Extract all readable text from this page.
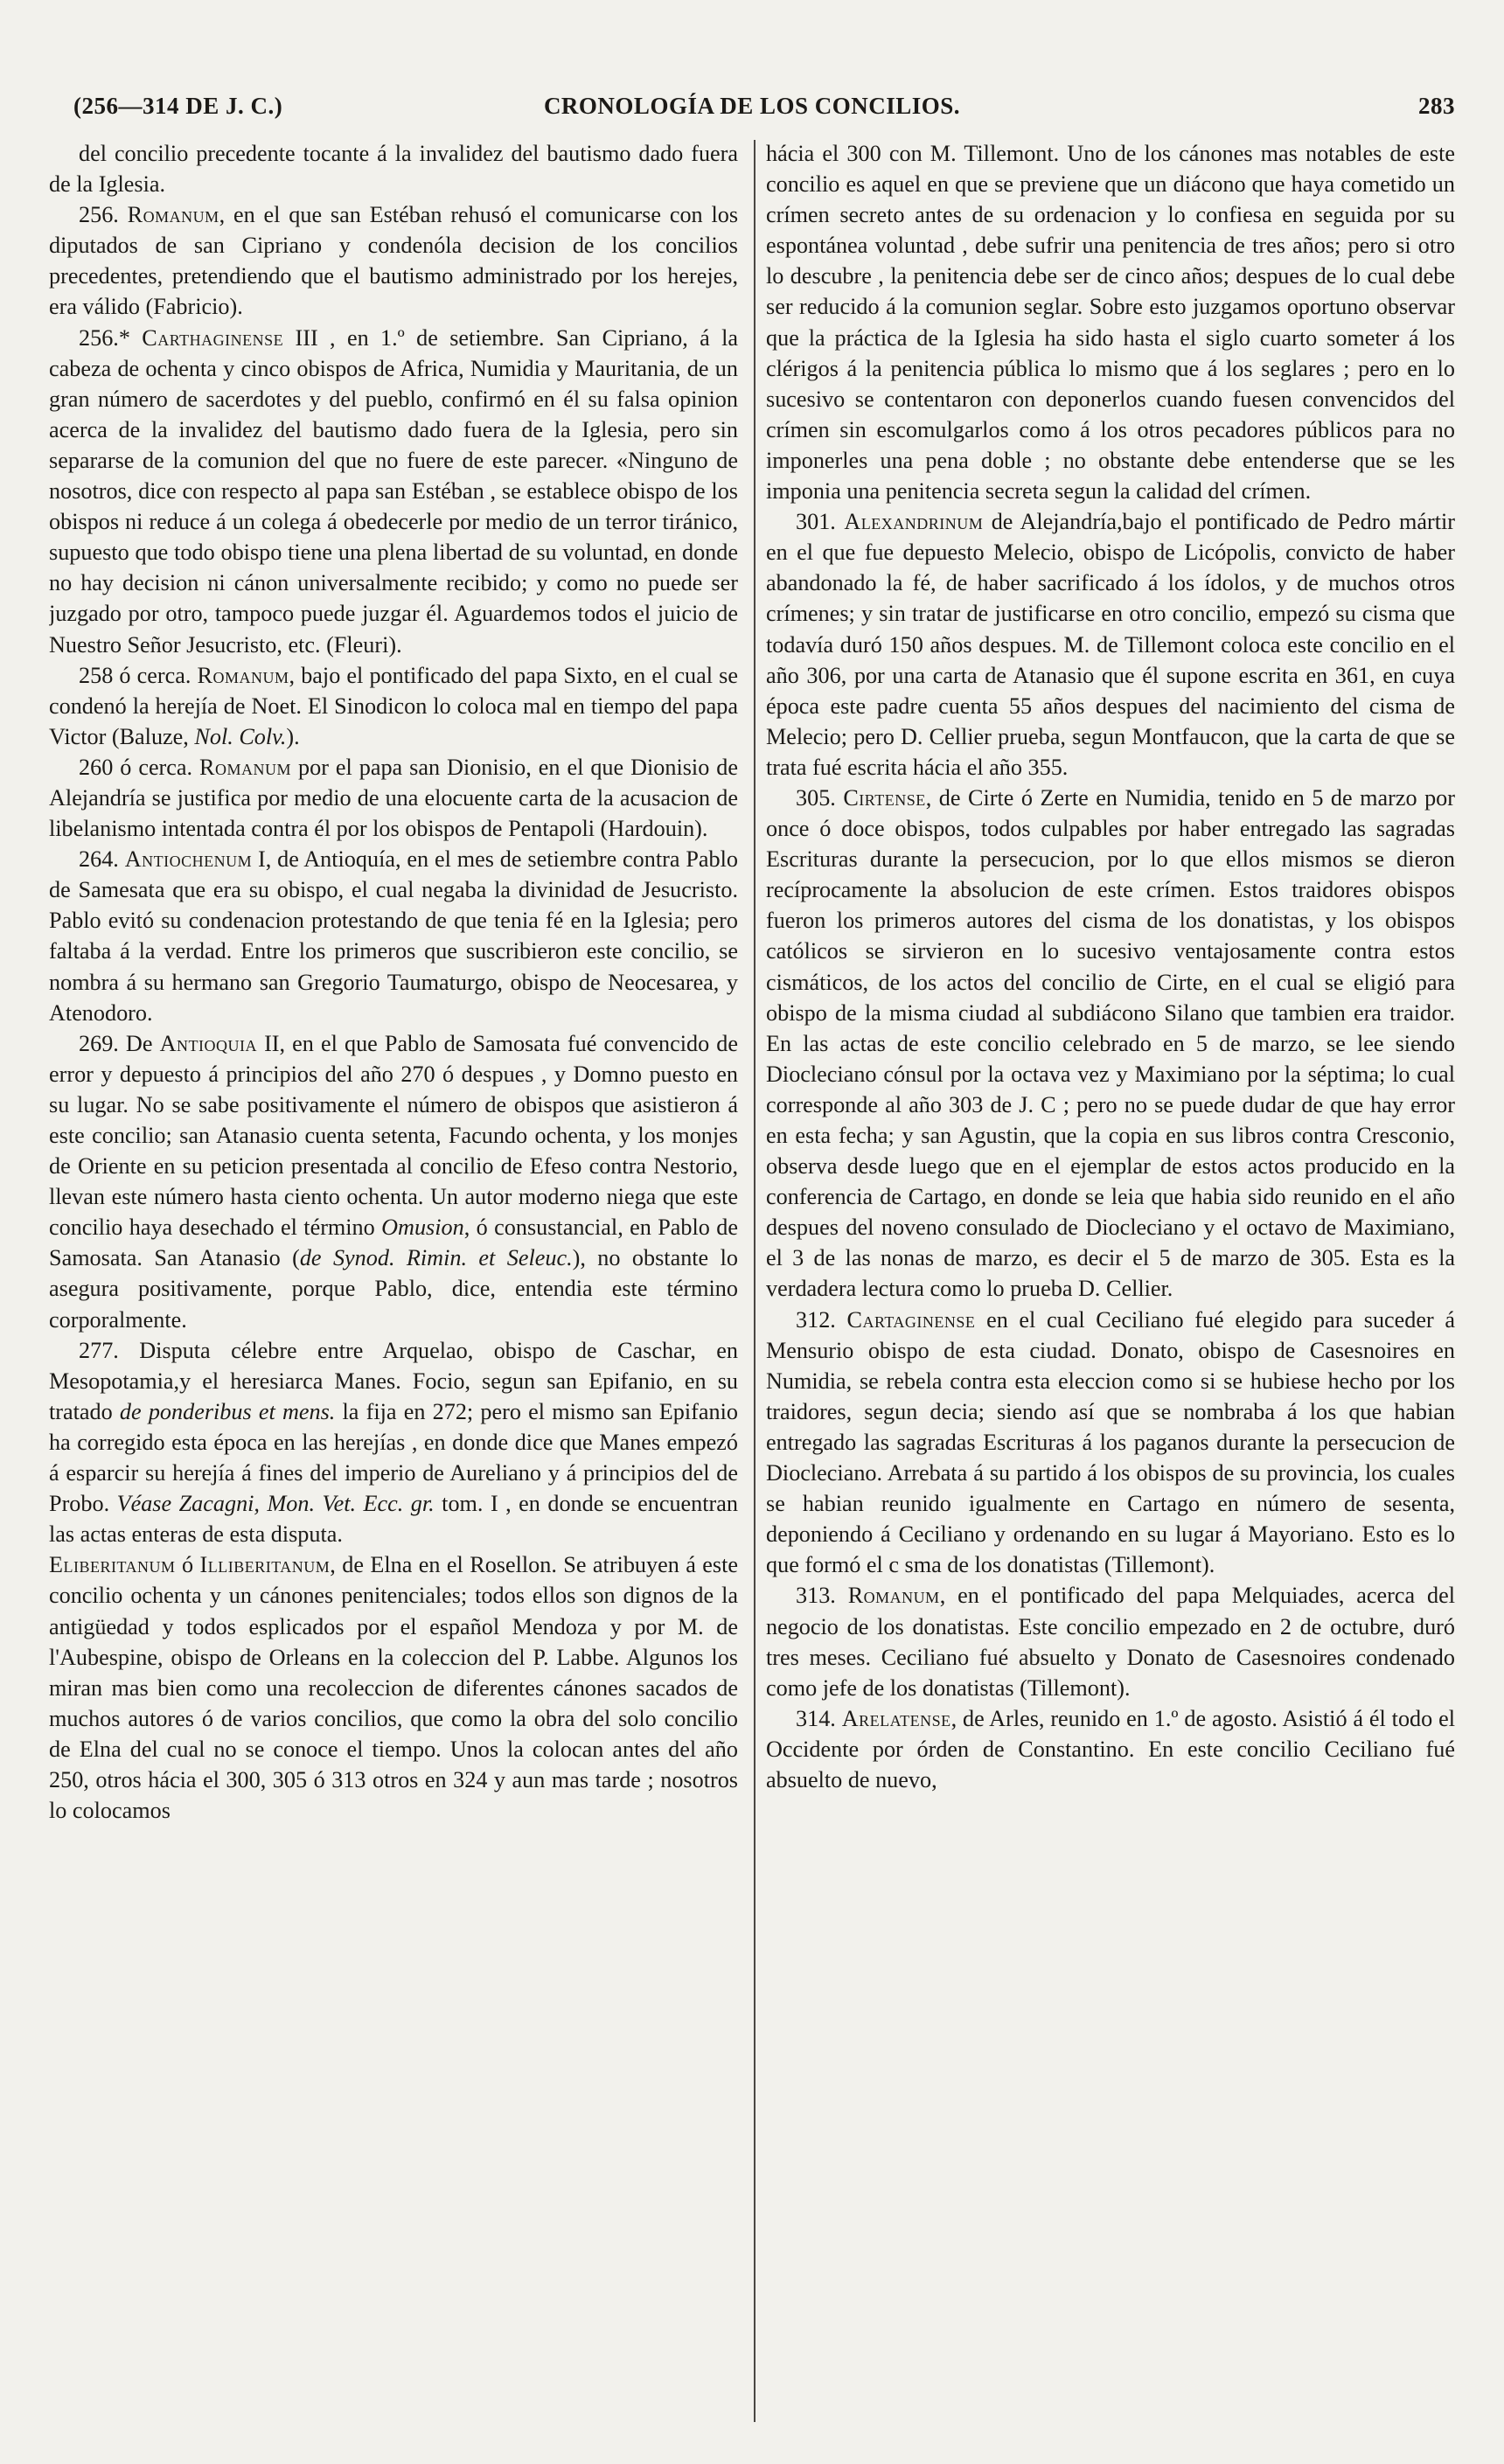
(256—314 DE J. C.)	CRONOLOGÍA DE LOS CONCILIOS.	283

del concilio precedente tocante á la invalidez del bautismo dado fuera de la Iglesia.

256. Romanum, en el que san Estéban rehusó el comunicarse con los diputados de san Cipriano y condenóla decision de los concilios precedentes, pretendiendo que el bautismo administrado por los herejes, era válido (Fabricio).

256.* Carthaginense III , en 1.º de setiembre. San Cipriano, á la cabeza de ochenta y cinco obispos de Africa, Numidia y Mauritania, de un gran número de sacerdotes y del pueblo, confirmó en él su falsa opinion acerca de la invalidez del bautismo dado fuera de la Iglesia, pero sin separarse de la comunion del que no fuere de este parecer. «Ninguno de nosotros, dice con respecto al papa san Estéban , se establece obispo de los obispos ni reduce á un colega á obedecerle por medio de un terror tiránico, supuesto que todo obispo tiene una plena libertad de su voluntad, en donde no hay decision ni cánon universalmente recibido; y como no puede ser juzgado por otro, tampoco puede juzgar él. Aguardemos todos el juicio de Nuestro Señor Jesucristo, etc. (Fleuri).

258 ó cerca. Romanum, bajo el pontificado del papa Sixto, en el cual se condenó la herejía de Noet. El Sinodicon lo coloca mal en tiempo del papa Victor (Baluze, Nol. Colv.).

260 ó cerca. Romanum por el papa san Dionisio, en el que Dionisio de Alejandría se justifica por medio de una elocuente carta de la acusacion de libelanismo intentada contra él por los obispos de Pentapoli (Hardouin).

264. Antiochenum I, de Antioquía, en el mes de setiembre contra Pablo de Samesata que era su obispo, el cual negaba la divinidad de Jesucristo. Pablo evitó su condenacion protestando de que tenia fé en la Iglesia; pero faltaba á la verdad. Entre los primeros que suscribieron este concilio, se nombra á su hermano san Gregorio Taumaturgo, obispo de Neocesarea, y Atenodoro.

269. De Antioquia II, en el que Pablo de Samosata fué convencido de error y depuesto á principios del año 270 ó despues , y Domno puesto en su lugar. No se sabe positivamente el número de obispos que asistieron á este concilio; san Atanasio cuenta setenta, Facundo ochenta, y los monjes de Oriente en su peticion presentada al concilio de Efeso contra Nestorio, llevan este número hasta ciento ochenta. Un autor moderno niega que este concilio haya desechado el término Omusion, ó consustancial, en Pablo de Samosata. San Atanasio (de Synod. Rimin. et Seleuc.), no obstante lo asegura positivamente, porque Pablo, dice, entendia este término corporalmente.

277. Disputa célebre entre Arquelao, obispo de Caschar, en Mesopotamia,y el heresiarca Manes. Focio, segun san Epifanio, en su tratado de ponderibus et mens. la fija en 272; pero el mismo san Epifanio ha corregido esta época en las herejías , en donde dice que Manes empezó á esparcir su herejía á fines del imperio de Aureliano y á principios del de Probo. Véase Zacagni, Mon. Vet. Ecc. gr. tom. I , en donde se encuentran las actas enteras de esta disputa.

Eliberitanum ó Illiberitanum, de Elna en el Rosellon. Se atribuyen á este concilio ochenta y un cánones penitenciales; todos ellos son dignos de la antigüedad y todos esplicados por el español Mendoza y por M. de l'Aubespine, obispo de Orleans en la coleccion del P. Labbe. Algunos los miran mas bien como una recoleccion de diferentes cánones sacados de muchos autores ó de varios concilios, que como la obra del solo concilio de Elna del cual no se conoce el tiempo. Unos la colocan antes del año 250, otros hácia el 300, 305 ó 313 otros en 324 y aun mas tarde ; nosotros lo colocamos

hácia el 300 con M. Tillemont. Uno de los cánones mas notables de este concilio es aquel en que se previene que un diácono que haya cometido un crímen secreto antes de su ordenacion y lo confiesa en seguida por su espontánea voluntad , debe sufrir una penitencia de tres años; pero si otro lo descubre , la penitencia debe ser de cinco años; despues de lo cual debe ser reducido á la comunion seglar. Sobre esto juzgamos oportuno observar que la práctica de la Iglesia ha sido hasta el siglo cuarto someter á los clérigos á la penitencia pública lo mismo que á los seglares ; pero en lo sucesivo se contentaron con deponerlos cuando fuesen convencidos del crímen sin escomulgarlos como á los otros pecadores públicos para no imponerles una pena doble ; no obstante debe entenderse que se les imponia una penitencia secreta segun la calidad del crímen.

301. Alexandrinum de Alejandría,bajo el pontificado de Pedro mártir en el que fue depuesto Melecio, obispo de Licópolis, convicto de haber abandonado la fé, de haber sacrificado á los ídolos, y de muchos otros crímenes; y sin tratar de justificarse en otro concilio, empezó su cisma que todavía duró 150 años despues. M. de Tillemont coloca este concilio en el año 306, por una carta de Atanasio que él supone escrita en 361, en cuya época este padre cuenta 55 años despues del nacimiento del cisma de Melecio; pero D. Cellier prueba, segun Montfaucon, que la carta de que se trata fué escrita hácia el año 355.

305. Cirtense, de Cirte ó Zerte en Numidia, tenido en 5 de marzo por once ó doce obispos, todos culpables por haber entregado las sagradas Escrituras durante la persecucion, por lo que ellos mismos se dieron recíprocamente la absolucion de este crímen. Estos traidores obispos fueron los primeros autores del cisma de los donatistas, y los obispos católicos se sirvieron en lo sucesivo ventajosamente contra estos cismáticos, de los actos del concilio de Cirte, en el cual se eligió para obispo de la misma ciudad al subdiácono Silano que tambien era traidor. En las actas de este concilio celebrado en 5 de marzo, se lee siendo Diocleciano cónsul por la octava vez y Maximiano por la séptima; lo cual corresponde al año 303 de J. C ; pero no se puede dudar de que hay error en esta fecha; y san Agustin, que la copia en sus libros contra Cresconio, observa desde luego que en el ejemplar de estos actos producido en la conferencia de Cartago, en donde se leia que habia sido reunido en el año despues del noveno consulado de Diocleciano y el octavo de Maximiano, el 3 de las nonas de marzo, es decir el 5 de marzo de 305. Esta es la verdadera lectura como lo prueba D. Cellier.

312. Cartaginense en el cual Ceciliano fué elegido para suceder á Mensurio obispo de esta ciudad. Donato, obispo de Casesnoires en Numidia, se rebela contra esta eleccion como si se hubiese hecho por los traidores, segun decia; siendo así que se nombraba á los que habian entregado las sagradas Escrituras á los paganos durante la persecucion de Diocleciano. Arrebata á su partido á los obispos de su provincia, los cuales se habian reunido igualmente en Cartago en número de sesenta, deponiendo á Ceciliano y ordenando en su lugar á Mayoriano. Esto es lo que formó el c sma de los donatistas (Tillemont).

313. Romanum, en el pontificado del papa Melquiades, acerca del negocio de los donatistas. Este concilio empezado en 2 de octubre, duró tres meses. Ceciliano fué absuelto y Donato de Casesnoires condenado como jefe de los donatistas (Tillemont).

314. Arelatense, de Arles, reunido en 1.º de agosto. Asistió á él todo el Occidente por órden de Constantino. En este concilio Ceciliano fué absuelto de nuevo,
